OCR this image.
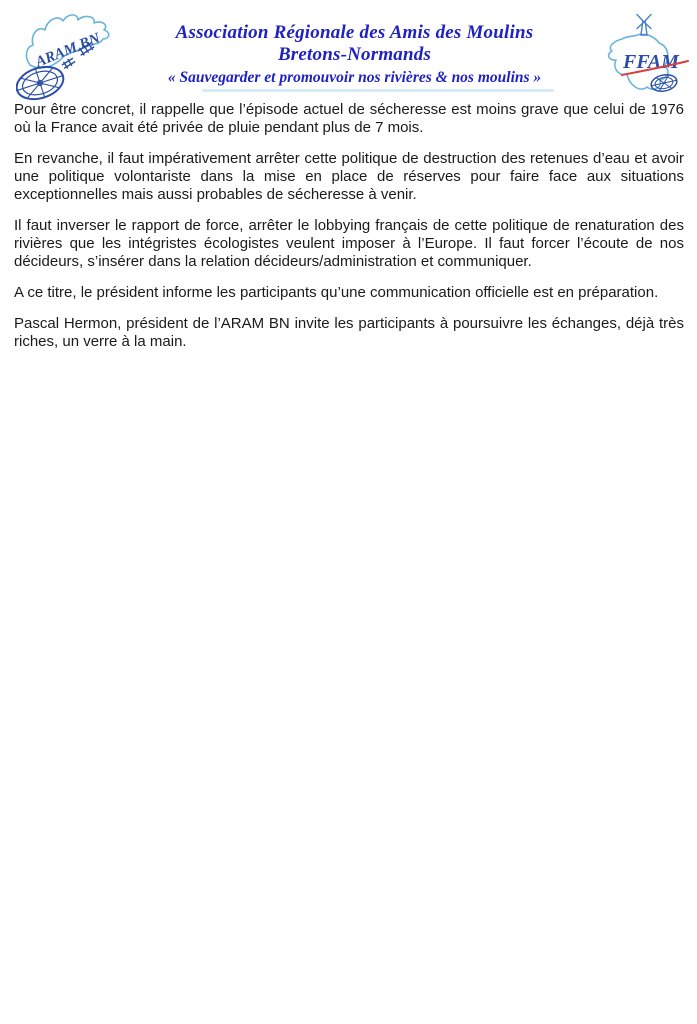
ARAM BN	Association Régionale des Amis des Moulins
Bretons-Normands
« Sauvegarder et promouvoir nos rivières & nos moulins »
FFAM

Pour être concret, il rappelle que l’épisode actuel de sécheresse est moins grave que celui de 1976 où la France avait été privée de pluie pendant plus de 7 mois.

En revanche, il faut impérativement arrêter cette politique de destruction des retenues d’eau et avoir une politique volontariste dans la mise en place de réserves pour faire face aux situations exceptionnelles mais aussi probables de sécheresse à venir.

Il faut inverser le rapport de force, arrêter le lobbying français de cette politique de renaturation des rivières que les intégristes écologistes veulent imposer à l’Europe. Il faut forcer l’écoute de nos décideurs, s’insérer dans la relation décideurs/administration et communiquer.

A ce titre, le président informe les participants qu’une communication officielle est en préparation.

Pascal Hermon, président de l’ARAM BN invite les participants à poursuivre les échanges, déjà très riches, un verre à la main.
